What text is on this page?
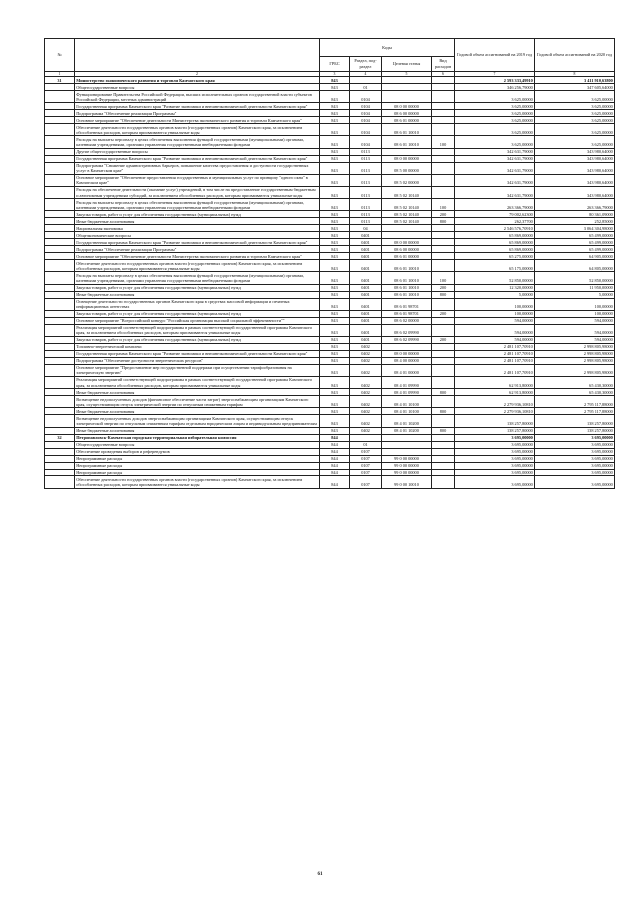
№		Коды				Годовой объем ассигнований на 2019 год	Годовой объем ассигнований на 2020 год
		ГРБС	Раздел, под-раздел	Целевая статья	Вид расходов		
1	2	3	4	5	6	7	8
31	Министерство экономического развития и торговли Камчатского края	843				2 593 333,49910	3 411 910,63800
	Общегосударственные вопросы	843	01			346 256,79000	347 605,64000
	Функционирование Правительства Российской Федерации, высших исполнительных органов государственной власти субъектов Российской Федерации, местных администраций	843	0104			3 625,00000	3 625,00000
	Государственная программа Камчатского края "Развитие экономики и внешнеэкономической деятельности Камчатского края"	843	0104	08 0 00 00000		3 625,00000	3 625,00000
	Подпрограмма "Обеспечение реализации Программы"	843	0104	08 6 00 00000		3 625,00000	3 625,00000
	Основное мероприятие "Обеспечение деятельности Министерства экономического развития и торговли Камчатского края"	843	0104	08 6 01 00000		3 625,00000	3 625,00000
	Обеспечение деятельности государственных органов власти (государственных органов) Камчатского края, за исключением обособленных расходов, которым присваиваются уникальные коды	843	0104	08 6 01 10010		3 625,00000	3 625,00000
	Расходы на выплаты персоналу в целях обеспечения выполнения функций государственными (муниципальными) органами, казенными учреждениями, органами управления государственными внебюджетными фондами	843	0104	08 6 01 10010	100	3 625,00000	3 625,00000
	Другие общегосударственные вопросы	843	0113			342 631,79000	343 980,64000
	Государственная программа Камчатского края "Развитие экономики и внешнеэкономической деятельности Камчатского края"	843	0113	08 0 00 00000		342 631,79000	343 980,64000
	Подпрограмма "Снижение административных барьеров, повышение качества предоставления и доступности государственных услуг в Камчатском крае"	843	0113	08 5 00 00000		342 631,79000	343 980,64000
	Основное мероприятие "Обеспечение предоставления государственных и муниципальных услуг по принципу "одного окна" в Камчатском крае"	843	0113	08 5 02 00000		342 631,79000	343 980,64000
	Расходы на обеспечение деятельности (оказание услуг) учреждений, в том числе на предоставление государственным бюджетным и автономным учреждениям субсидий, за исключением обособленных расходов, которым присваиваются уникальные коды	843	0113	08 5 02 10140		342 631,79000	343 980,64000
	Расходы на выплаты персоналу в целях обеспечения выполнения функций государственными (муниципальными) органами, казенными учреждениями, органами управления государственными внебюджетными фондами	843	0113	08 5 02 10140	100	263 366,79000	263 366,79000
	Закупка товаров, работ и услуг для обеспечения государственных (муниципальных) нужд	843	0113	08 5 02 10140	200	79 002,62300	80 361,09000
	Иные бюджетные ассигнования	843	0113	08 5 02 10140	800	262,37700	252,85000
	Национальная экономика	843	04			2 546 576,70910	3 064 304,98000
	Общеэкономические вопросы	843	0401			65 869,00000	65 499,00000
	Государственная программа Камчатского края "Развитие экономики и внешнеэкономической деятельности Камчатского края"	843	0401	08 0 00 00000		65 869,00000	65 499,00000
	Подпрограмма "Обеспечение реализации Программы"	843	0401	08 6 00 00000		65 869,00000	65 499,00000
	Основное мероприятие "Обеспечение деятельности Министерства экономического развития и торговли Камчатского края"	843	0401	08 6 01 00000		65 275,00000	64 905,00000
	Обеспечение деятельности государственных органов власти (государственных органов) Камчатского края, за исключением обособленных расходов, которым присваиваются уникальные коды	843	0401	08 6 01 10010		65 175,00000	64 805,00000
	Расходы на выплаты персоналу в целях обеспечения выполнения функций государственными (муниципальными) органами, казенными учреждениями, органами управления государственными внебюджетными фондами	843	0401	08 6 01 10010	100	52 850,00000	52 850,00000
	Закупка товаров, работ и услуг для обеспечения государственных (муниципальных) нужд	843	0401	08 6 01 10010	200	12 320,00000	11 950,00000
	Иные бюджетные ассигнования	843	0401	08 6 01 10010	800	5,00000	5,00000
	Освещение деятельности государственных органов Камчатского края в средствах массовой информации и печатных информационных агентствах	843	0401	08 6 01 98701		100,00000	100,00000
	Закупка товаров, работ и услуг для обеспечения государственных (муниципальных) нужд	843	0401	08 6 01 98701	200	100,00000	100,00000
	Основное мероприятие "Всероссийский конкурс "Российская организация высокой социальной эффективности""	843	0401	08 6 02 00000		594,00000	594,00000
	Реализация мероприятий соответствующей подпрограммы в рамках соответствующей государственной программы Камчатского края, за исключением обособленных расходов, которым присваиваются уникальные коды	843	0401	08 6 02 09990		594,00000	594,00000
	Закупка товаров, работ и услуг для обеспечения государственных (муниципальных) нужд	843	0401	08 6 02 09990	200	594,00000	594,00000
	Топливно-энергетический комплекс	843	0402			2 481 107,70910	2 998 805,98000
	Государственная программа Камчатского края "Развитие экономики и внешнеэкономической деятельности Камчатского края"	843	0402	08 0 00 00000		2 481 107,70910	2 998 805,98000
	Подпрограмма "Обеспечение доступности энергетических ресурсов"	843	0402	08 4 00 00000		2 481 107,70910	2 998 805,98000
	Основное мероприятие "Предоставление мер государственной поддержки при осуществлении тарифообразования на электрическую энергию"	843	0402	08 4 01 00000		2 481 107,70910	2 998 805,98000
	Реализация мероприятий соответствующей подпрограммы в рамках соответствующей государственной программы Камчатского края, за исключением обособленных расходов, которым присваиваются уникальные коды	843	0402	08 4 01 09990		62 913,80000	65 430,30000
	Иные бюджетные ассигнования	843	0402	08 4 01 09990	800	62 913,80000	65 430,30000
	Возмещение недополученных доходов (финансовое обеспечение части затрат) энергоснабжающим организациям Камчатского края, осуществляющим отпуск электрической энергии по отпускным сниженным тарифам	843	0402	08 4 01 10100		2 279 936,10810	2 795 117,88000
	Иные бюджетные ассигнования	843	0402	08 4 01 10100	800	2 279 936,10810	2 795 117,88000
	Возмещение недополученных доходов энергоснабжающим организациям Камчатского края, осуществляющим отпуск электрической энергии по отпускным сниженным тарифам отдельным юридическим лицам и индивидуальным предпринимателям	843	0402	08 4 01 10200		138 257,80000	138 257,80000
	Иные бюджетные ассигнования	843	0402	08 4 01 10200	800	138 257,80000	138 257,80000
32	Петропавловск-Камчатская городская территориальная избирательная комиссия	844				3 695,00000	3 695,00000
	Общегосударственные вопросы	844	01			3 695,00000	3 695,00000
	Обеспечение проведения выборов и референдумов	844	0107			3 695,00000	3 695,00000
	Непрограммные расходы	844	0107	99 0 00 00000		3 695,00000	3 695,00000
	Непрограммные расходы	844	0107	99 0 00 00000		3 695,00000	3 695,00000
	Непрограммные расходы	844	0107	99 0 00 00000		3 695,00000	3 695,00000
	Обеспечение деятельности государственных органов власти (государственных органов) Камчатского края, за исключением обособленных расходов, которым присваиваются уникальные коды	844	0107	99 0 00 10010		3 695,00000	3 695,00000
61
